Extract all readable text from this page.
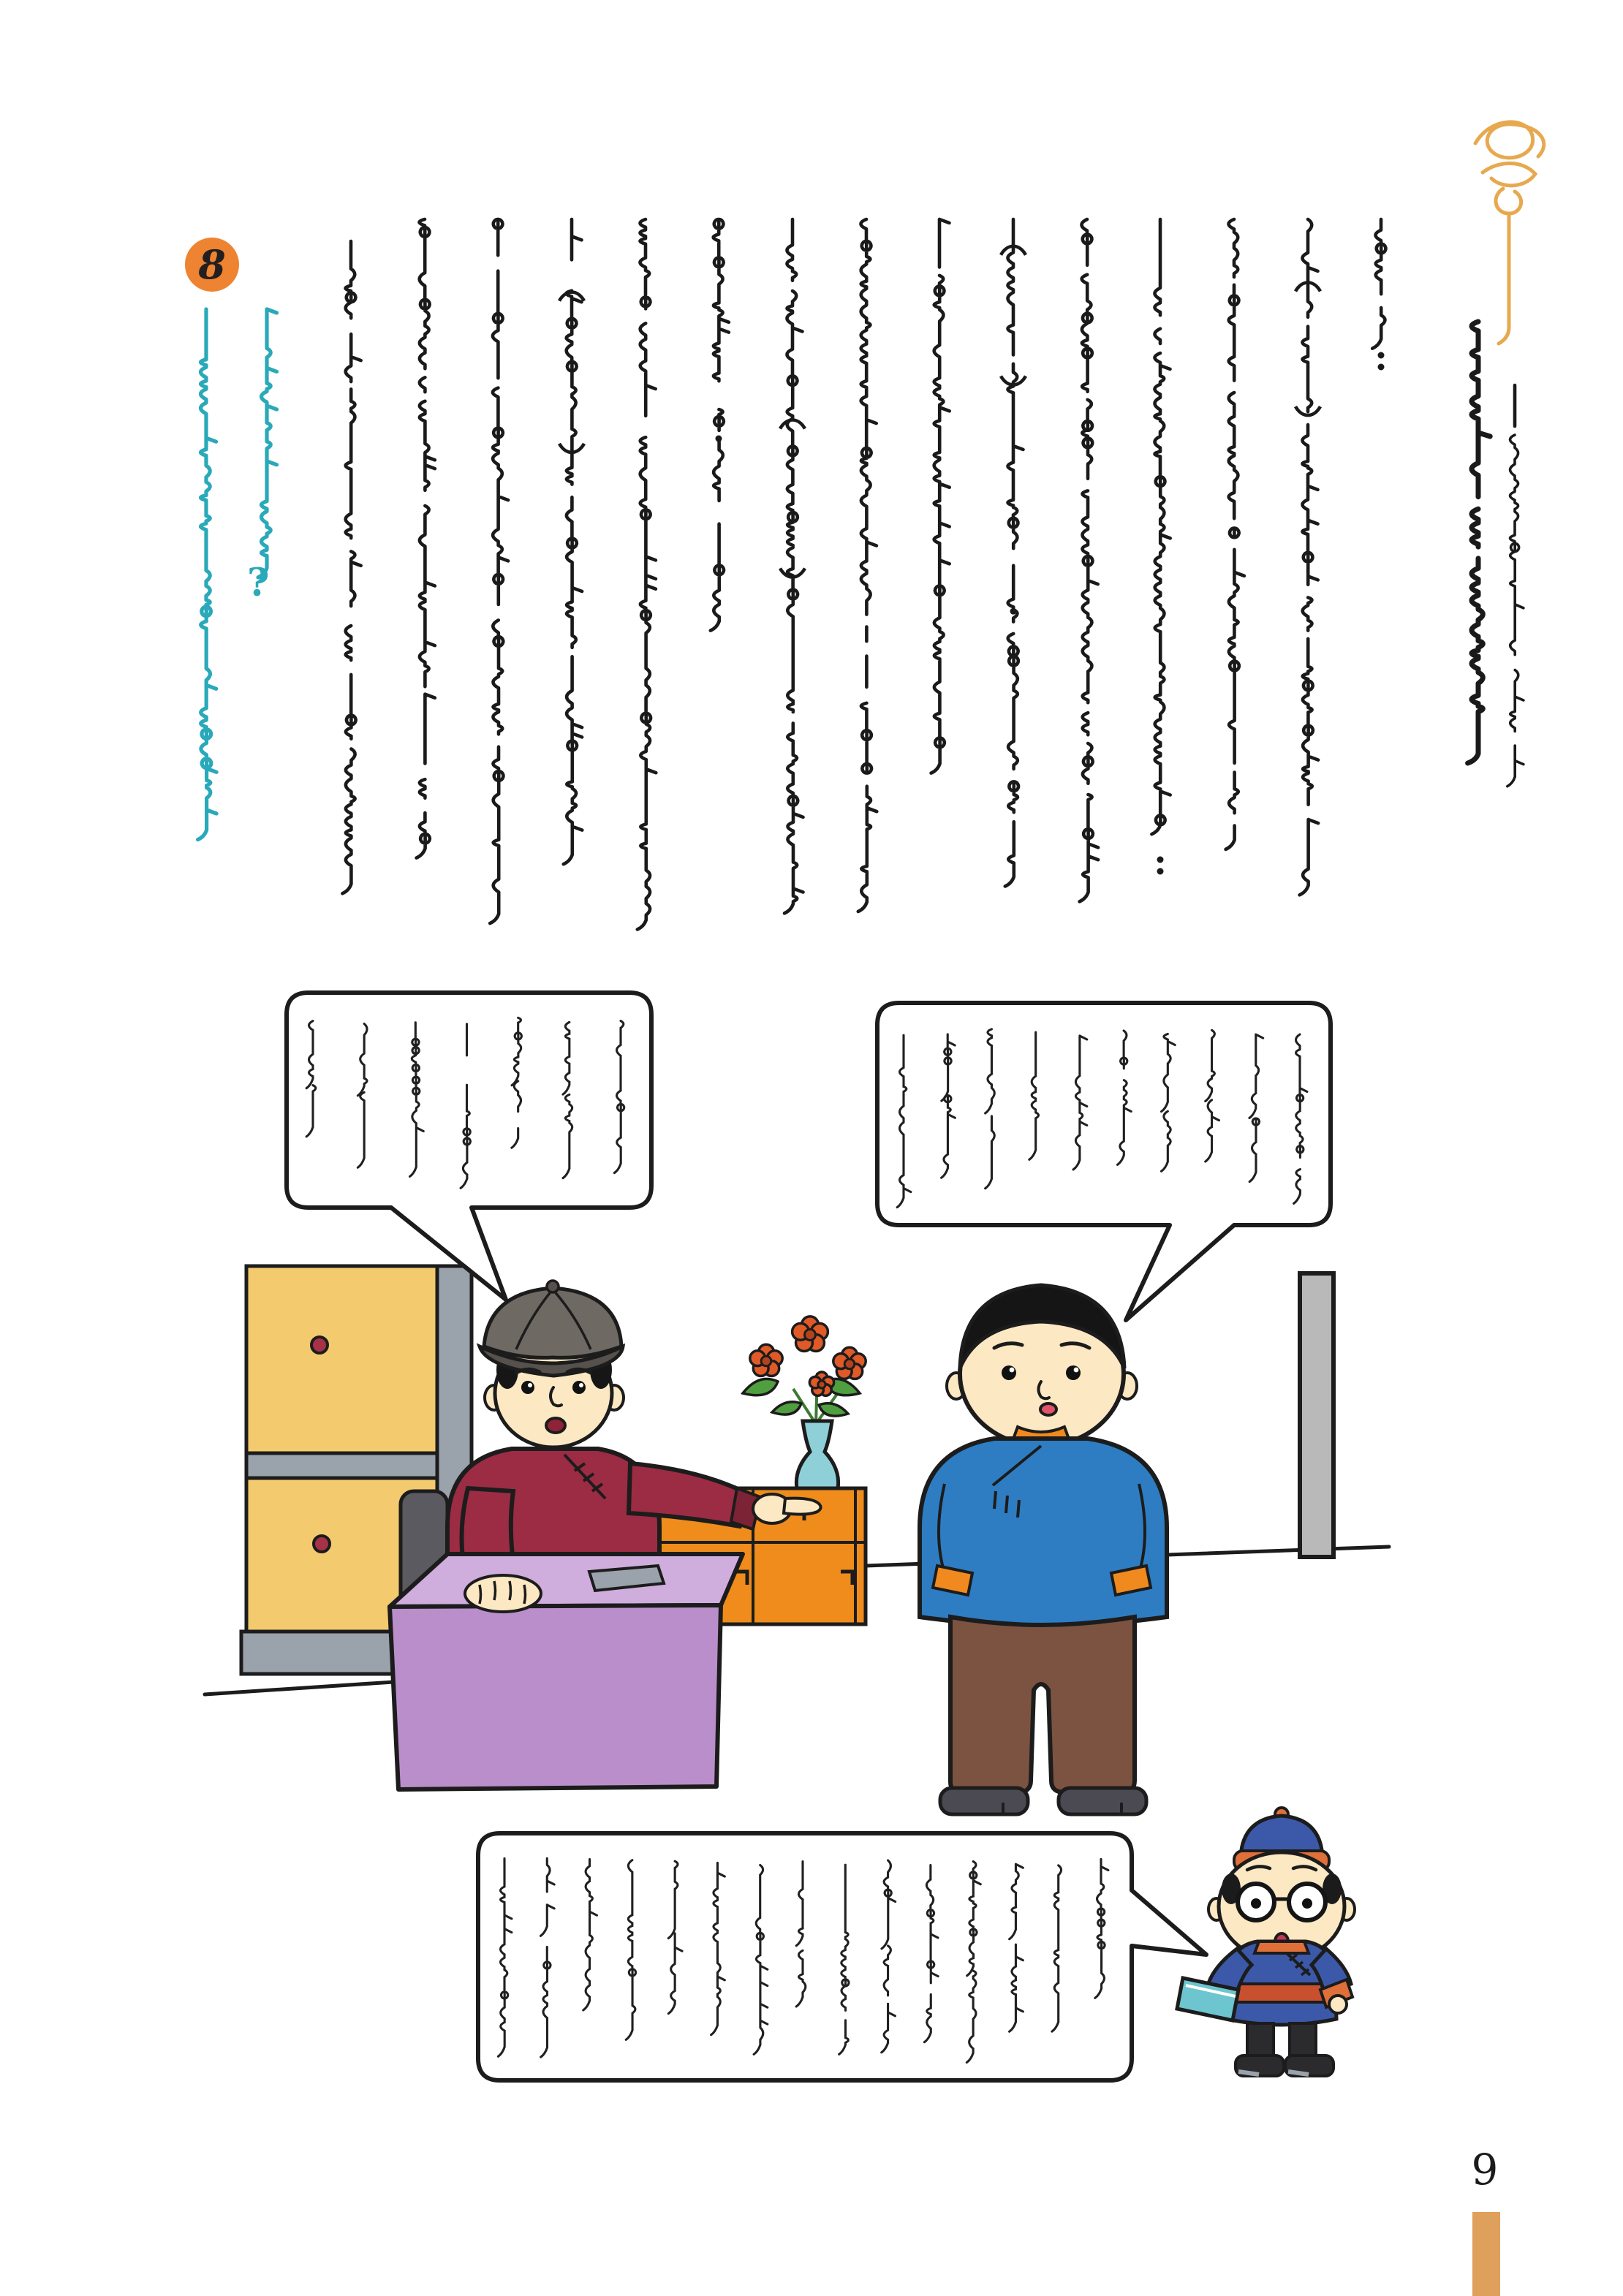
8
?
9
